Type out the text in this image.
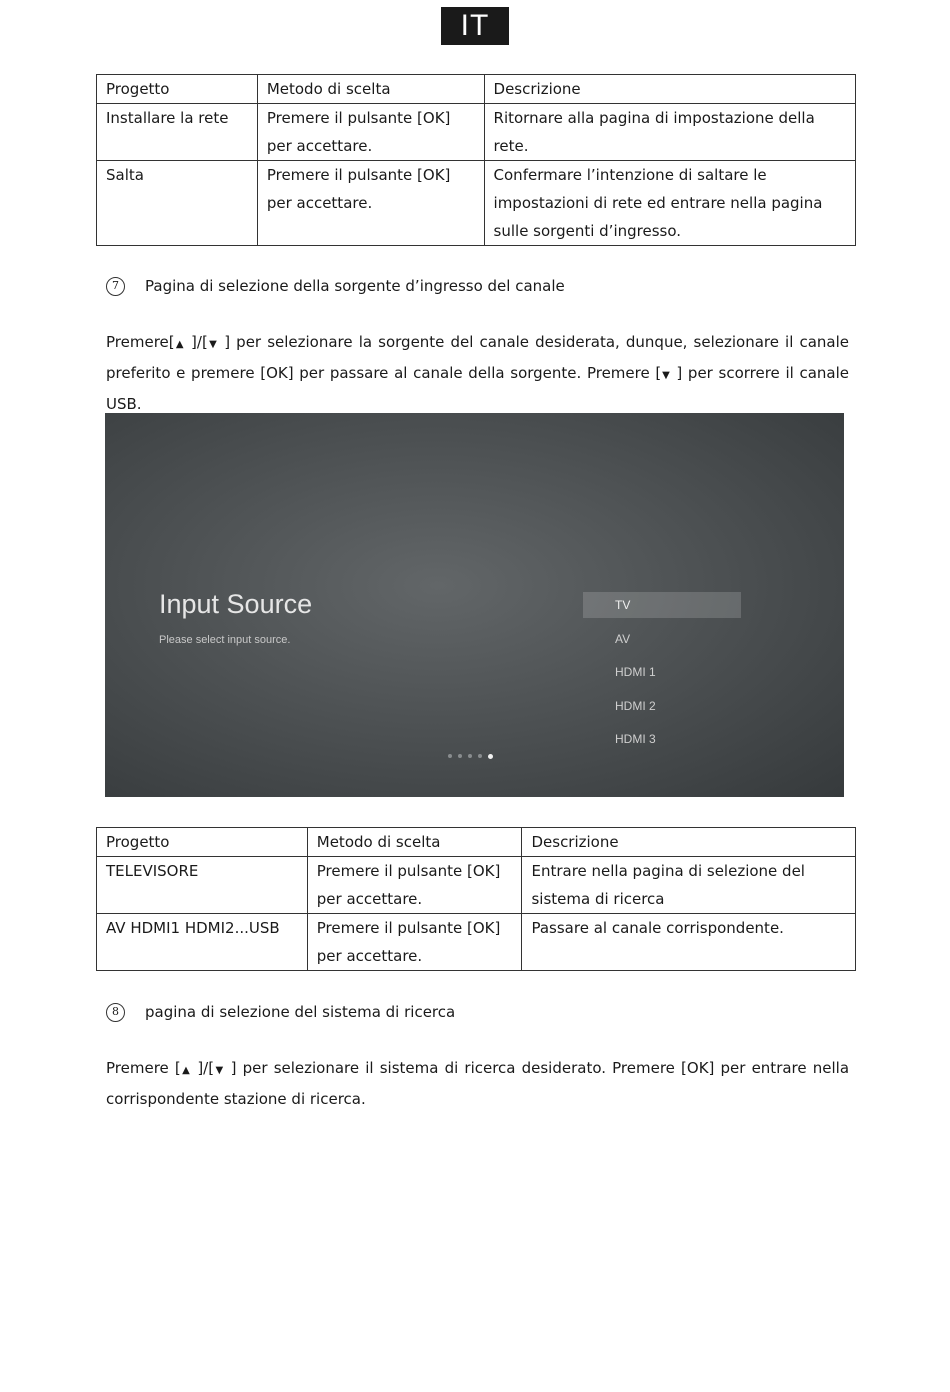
IT
Progetto	Metodo di scelta	Descrizione
Installare la rete	Premere il pulsante [OK] per accettare.	Ritornare alla pagina di impostazione della rete.
Salta	Premere il pulsante [OK] per accettare.	Confermare l’intenzione di saltare le impostazioni di rete ed entrare nella pagina sulle sorgenti d’ingresso.
7	Pagina di selezione della sorgente d’ingresso del canale
Premere[▲ ]/[▼ ] per selezionare la sorgente del canale desiderata, dunque, selezionare il canale preferito e premere [OK] per passare al canale della sorgente. Premere [▼ ] per scorrere il canale USB.
Input Source
Please select input source.
TV
AV
HDMI 1
HDMI 2
HDMI 3
Progetto	Metodo di scelta	Descrizione
TELEVISORE	Premere il pulsante [OK] per accettare.	Entrare nella pagina di selezione del sistema di ricerca
AV HDMI1 HDMI2...USB	Premere il pulsante [OK] per accettare.	Passare al canale corrispondente.
8	pagina di selezione del sistema di ricerca
Premere [▲ ]/[▼ ] per selezionare il sistema di ricerca desiderato. Premere [OK] per entrare nella corrispondente stazione di ricerca.
